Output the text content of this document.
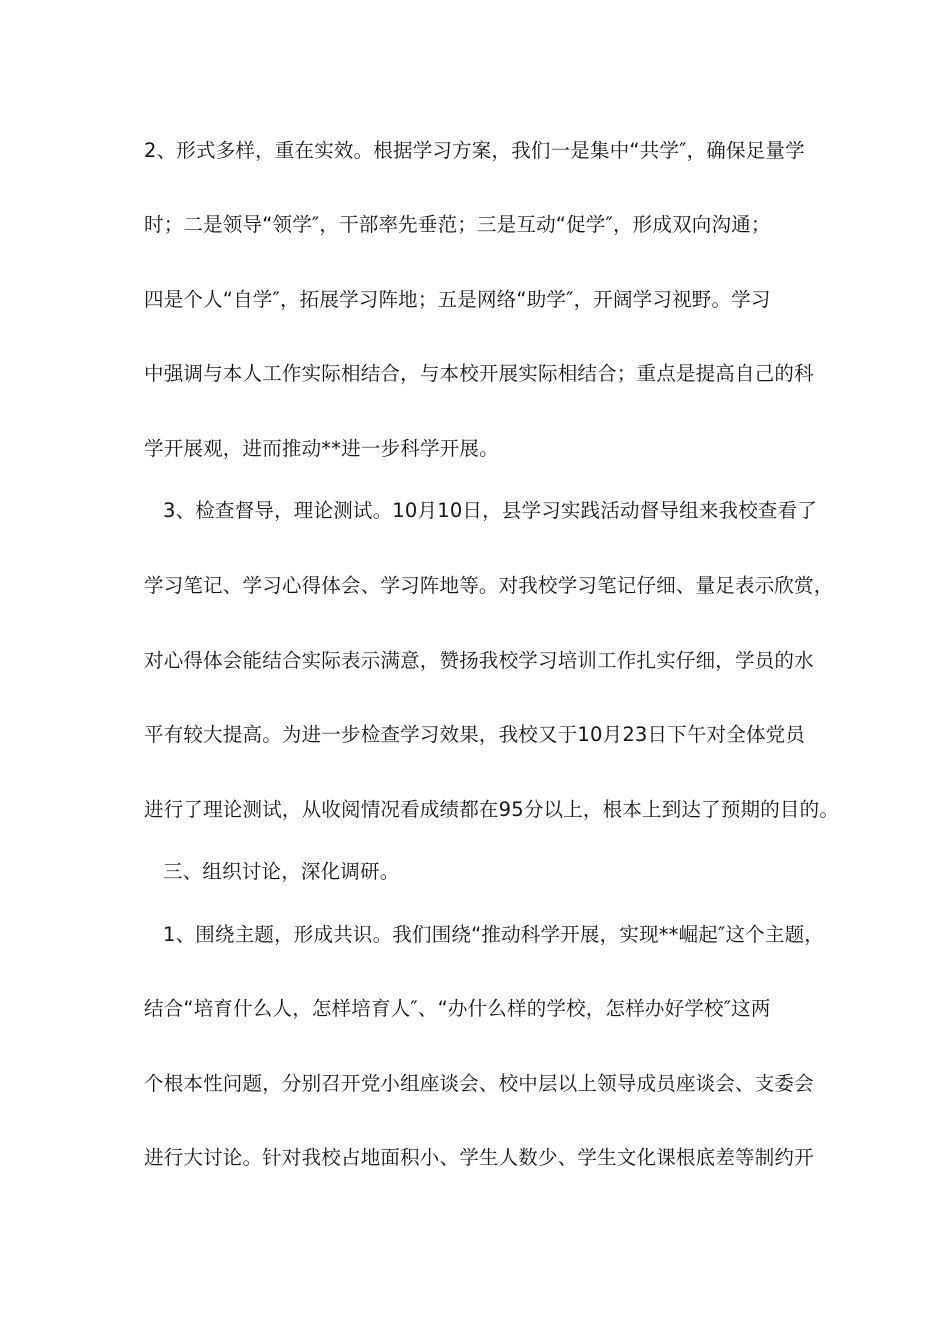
2、形式多样，重在实效。根据学习方案，我们一是集中“共学″，确保足量学
时；二是领导“领学″，干部率先垂范；三是互动“促学″，形成双向沟通；
四是个人“自学″，拓展学习阵地；五是网络“助学″，开阔学习视野。学习
中强调与本人工作实际相结合，与本校开展实际相结合；重点是提高自己的科
学开展观，进而推动**进一步科学开展。
3、检查督导，理论测试。10月10日，县学习实践活动督导组来我校查看了
学习笔记、学习心得体会、学习阵地等。对我校学习笔记仔细、量足表示欣赏，
对心得体会能结合实际表示满意，赞扬我校学习培训工作扎实仔细，学员的水
平有较大提高。为进一步检查学习效果，我校又于10月23日下午对全体党员
进行了理论测试，从收阅情况看成绩都在95分以上，根本上到达了预期的目的。
三、组织讨论，深化调研。
1、围绕主题，形成共识。我们围绕“推动科学开展，实现**崛起″这个主题，
结合“培育什么人，怎样培育人″、“办什么样的学校，怎样办好学校″这两
个根本性问题，分别召开党小组座谈会、校中层以上领导成员座谈会、支委会
进行大讨论。针对我校占地面积小、学生人数少、学生文化课根底差等制约开
